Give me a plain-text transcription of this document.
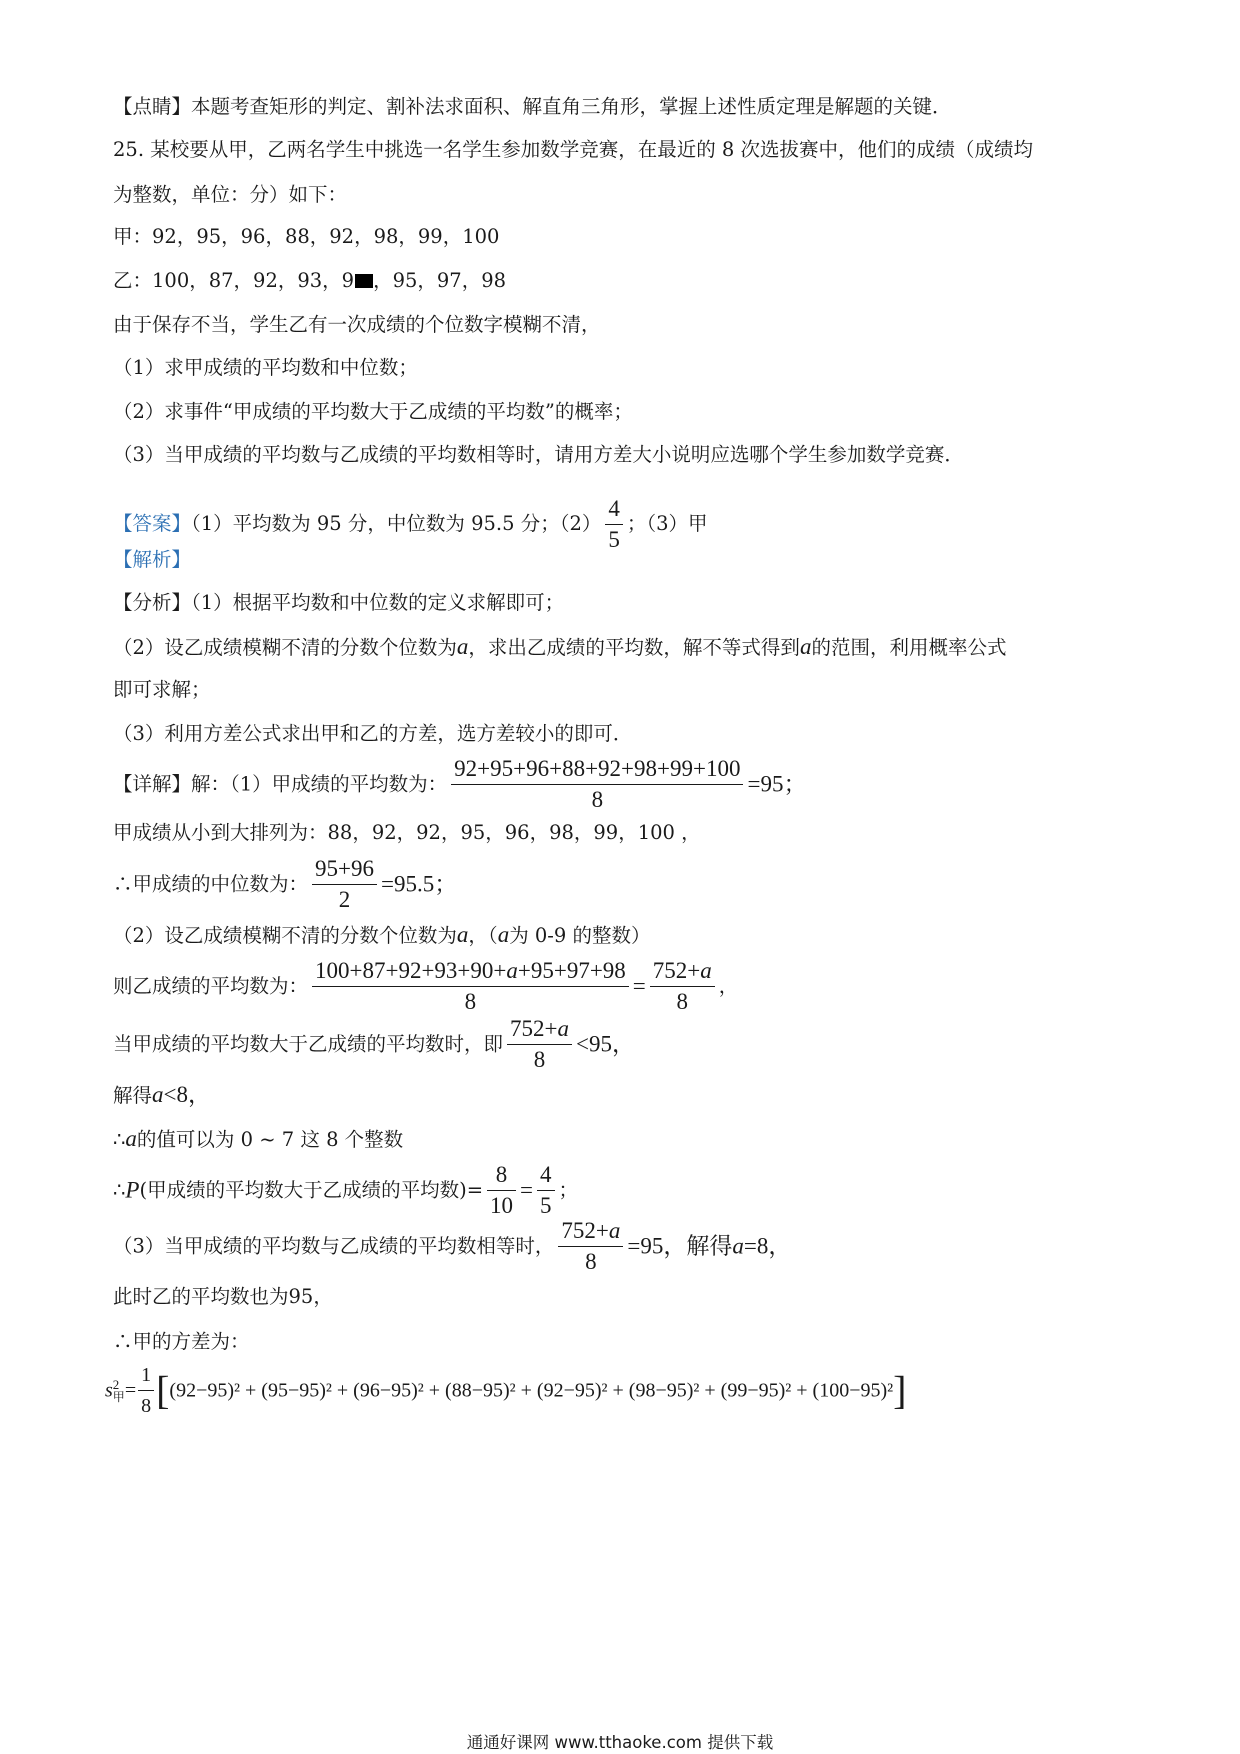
【点睛】本题考查矩形的判定、割补法求面积、解直角三角形，掌握上述性质定理是解题的关键．
25. 某校要从甲，乙两名学生中挑选一名学生参加数学竞赛，在最近的 8 次选拔赛中，他们的成绩（成绩均
为整数，单位：分）如下：
甲：92，95，96，88，92，98，99，100
乙：100，87，92，93，9 ，95，97，98
由于保存不当，学生乙有一次成绩的个位数字模糊不清，
（1）求甲成绩的平均数和中位数；
（2）求事件“甲成绩的平均数大于乙成绩的平均数”的概率；
（3）当甲成绩的平均数与乙成绩的平均数相等时，请用方差大小说明应选哪个学生参加数学竞赛．
【答案】（1）平均数为 95 分，中位数为 95.5 分；$(2) \frac{4}{5}$ ；（3）甲
【解析】
【分析】（1）根据平均数和中位数的定义求解即可；
（2）设乙成绩模糊不清的分数个位数为a，求出乙成绩的平均数，解不等式得到a的范围，利用概率公式
即可求解；
（3）利用方差公式求出甲和乙的方差，选方差较小的即可．
【详解】解：（1）甲成绩的平均数为： $\frac{92+95+96+88+92+98+99+100}{8} =95$；
甲成绩从小到大排列为：88，92，92，95，96，98，99，100 ，
∴甲成绩的中位数为： $\frac{95+96}{2} =95.5$；
（2）设乙成绩模糊不清的分数个位数为a，（a为 0-9 的整数）
则乙成绩的平均数为： $\frac{100+87+92+93+90+a+95+97+98}{8} = \frac{752+a}{8}$ ，
当甲成绩的平均数大于乙成绩的平均数时，即 $\frac{752+a}{8} <95$，
解得a<8，
∴a的值可以为 0 ~ 7 这 8 个整数
∴P(甲成绩的平均数大于乙成绩的平均数)= $\frac{8}{10} = \frac{4}{5}$ ；
（3）当甲成绩的平均数与乙成绩的平均数相等时， $\frac{752+a}{8} =95$，解得a=8，
此时乙的平均数也为95，
∴甲的方差为：
s 2
甲 = $\frac{1}{8} [(92-95)^2 + (95-95)^2 + (96-95)^2 + (88-95)^2 + (92-95)^2 + (98-95)^2 + (99-95)^2 + (100-95)^2]$
通通好课网 www.tthaoke.com 提供下载
